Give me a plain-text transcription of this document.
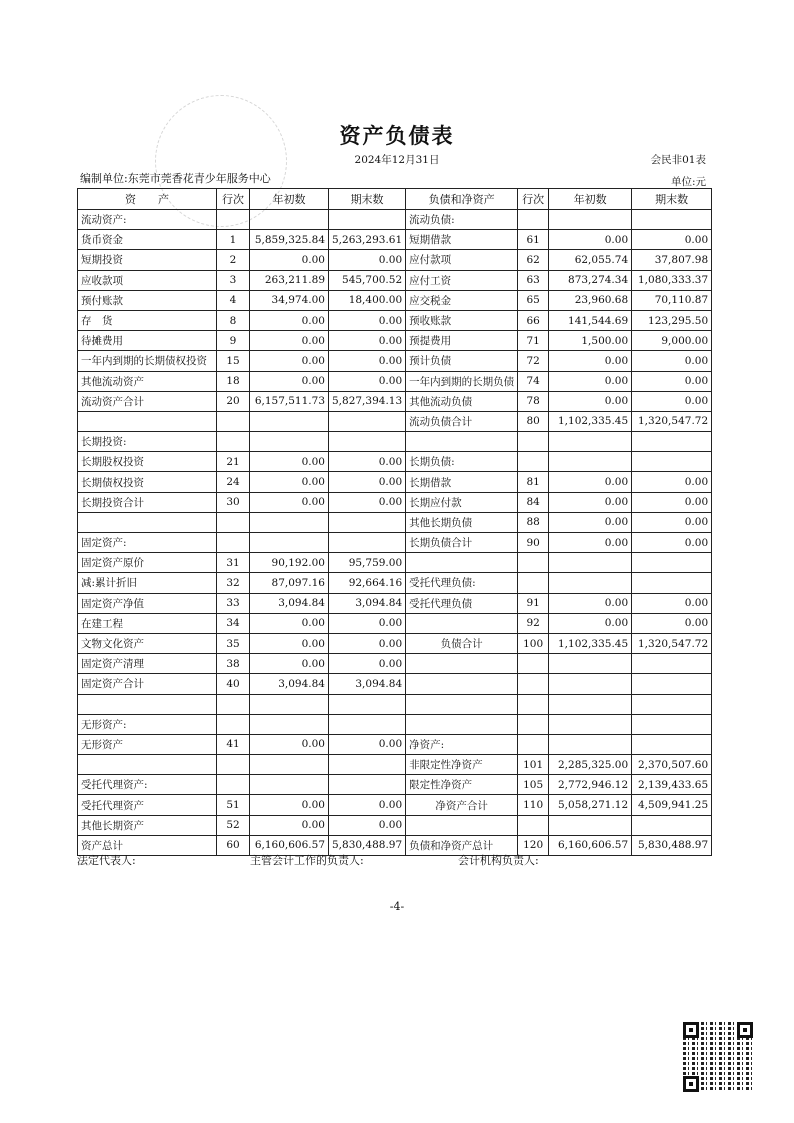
资产负债表
2024年12月31日	会民非01表
编制单位:东莞市莞香花青少年服务中心	单位:元
资　　产	行次	年初数	期末数	负债和净资产	行次	年初数	期末数
流动资产:				流动负债:			
货币资金	1	5,859,325.84	5,263,293.61	短期借款	61	0.00	0.00
短期投资	2	0.00	0.00	应付款项	62	62,055.74	37,807.98
应收款项	3	263,211.89	545,700.52	应付工资	63	873,274.34	1,080,333.37
预付账款	4	34,974.00	18,400.00	应交税金	65	23,960.68	70,110.87
存　货	8	0.00	0.00	预收账款	66	141,544.69	123,295.50
待摊费用	9	0.00	0.00	预提费用	71	1,500.00	9,000.00
一年内到期的长期债权投资	15	0.00	0.00	预计负债	72	0.00	0.00
其他流动资产	18	0.00	0.00	一年内到期的长期负债	74	0.00	0.00
流动资产合计	20	6,157,511.73	5,827,394.13	其他流动负债	78	0.00	0.00
				流动负债合计	80	1,102,335.45	1,320,547.72
长期投资:							
长期股权投资	21	0.00	0.00	长期负债:			
长期债权投资	24	0.00	0.00	长期借款	81	0.00	0.00
长期投资合计	30	0.00	0.00	长期应付款	84	0.00	0.00
				其他长期负债	88	0.00	0.00
固定资产:				长期负债合计	90	0.00	0.00
固定资产原价	31	90,192.00	95,759.00				
减:累计折旧	32	87,097.16	92,664.16	受托代理负债:			
固定资产净值	33	3,094.84	3,094.84	受托代理负债	91	0.00	0.00
在建工程	34	0.00	0.00		92	0.00	0.00
文物文化资产	35	0.00	0.00	负债合计	100	1,102,335.45	1,320,547.72
固定资产清理	38	0.00	0.00				
固定资产合计	40	3,094.84	3,094.84				

无形资产:							
无形资产	41	0.00	0.00	净资产:			
				非限定性净资产	101	2,285,325.00	2,370,507.60
受托代理资产:				限定性净资产	105	2,772,946.12	2,139,433.65
受托代理资产	51	0.00	0.00	净资产合计	110	5,058,271.12	4,509,941.25
其他长期资产	52	0.00	0.00				
资产总计	60	6,160,606.57	5,830,488.97	负债和净资产总计	120	6,160,606.57	5,830,488.97
法定代表人:	主管会计工作的负责人:	会计机构负责人:
-4-
